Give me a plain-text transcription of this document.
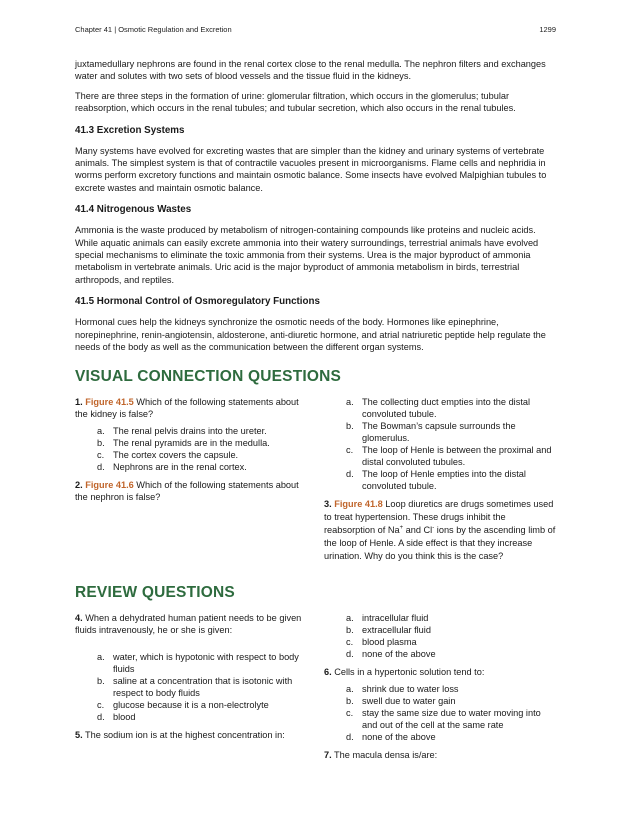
Chapter 41 | Osmotic Regulation and Excretion	1299

juxtamedullary nephrons are found in the renal cortex close to the renal medulla. The nephron filters and exchanges water and solutes with two sets of blood vessels and the tissue fluid in the kidneys.

There are three steps in the formation of urine: glomerular filtration, which occurs in the glomerulus; tubular reabsorption, which occurs in the renal tubules; and tubular secretion, which also occurs in the renal tubules.

41.3 Excretion Systems

Many systems have evolved for excreting wastes that are simpler than the kidney and urinary systems of vertebrate animals. The simplest system is that of contractile vacuoles present in microorganisms. Flame cells and nephridia in worms perform excretory functions and maintain osmotic balance. Some insects have evolved Malpighian tubules to excrete wastes and maintain osmotic balance.

41.4 Nitrogenous Wastes

Ammonia is the waste produced by metabolism of nitrogen-containing compounds like proteins and nucleic acids. While aquatic animals can easily excrete ammonia into their watery surroundings, terrestrial animals have evolved special mechanisms to eliminate the toxic ammonia from their systems. Urea is the major byproduct of ammonia metabolism in vertebrate animals. Uric acid is the major byproduct of ammonia metabolism in birds, terrestrial arthropods, and reptiles.

41.5 Hormonal Control of Osmoregulatory Functions

Hormonal cues help the kidneys synchronize the osmotic needs of the body. Hormones like epinephrine, norepinephrine, renin-angiotensin, aldosterone, anti-diuretic hormone, and atrial natriuretic peptide help regulate the needs of the body as well as the communication between the different organ systems.

VISUAL CONNECTION QUESTIONS
1. Figure 41.5 Which of the following statements about the kidney is false?
a. The renal pelvis drains into the ureter.
b. The renal pyramids are in the medulla.
c. The cortex covers the capsule.
d. Nephrons are in the renal cortex.
2. Figure 41.6 Which of the following statements about the nephron is false?
a. The collecting duct empties into the distal convoluted tubule.
b. The Bowman’s capsule surrounds the glomerulus.
c. The loop of Henle is between the proximal and distal convoluted tubules.
d. The loop of Henle empties into the distal convoluted tubule.
3. Figure 41.8 Loop diuretics are drugs sometimes used to treat hypertension. These drugs inhibit the reabsorption of Na+ and Cl- ions by the ascending limb of the loop of Henle. A side effect is that they increase urination. Why do you think this is the case?
REVIEW QUESTIONS
4. When a dehydrated human patient needs to be given fluids intravenously, he or she is given:
a. water, which is hypotonic with respect to body fluids
b. saline at a concentration that is isotonic with respect to body fluids
c. glucose because it is a non-electrolyte
d. blood
5. The sodium ion is at the highest concentration in:
a. intracellular fluid
b. extracellular fluid
c. blood plasma
d. none of the above
6. Cells in a hypertonic solution tend to:
a. shrink due to water loss
b. swell due to water gain
c. stay the same size due to water moving into and out of the cell at the same rate
d. none of the above
7. The macula densa is/are:
